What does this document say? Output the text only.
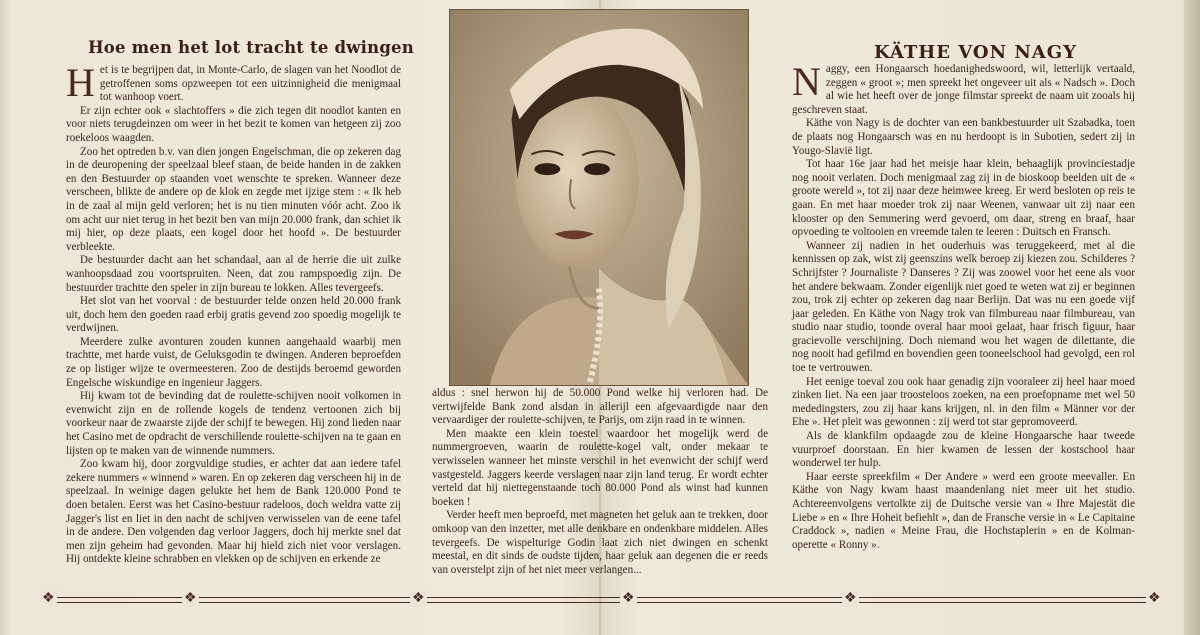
Hoe men het lot tracht te dwingen

Het is te begrijpen dat, in Monte-Carlo, de slagen van het Noodlot de getroffenen soms opzweepen tot een uitzinnigheid die menigmaal tot wanhoop voert.

Er zijn echter ook « slachtoffers » die zich tegen dit noodlot kanten en voor niets terugdeinzen om weer in het bezit te komen van hetgeen zij zoo roekeloos waagden.

Zoo het optreden b.v. van dien jongen Engelschman, die op zekeren dag in de deuropening der speelzaal bleef staan, de beide handen in de zakken en den Bestuurder op staanden voet wenschte te spreken. Wanneer deze verscheen, blikte de andere op de klok en zegde met ijzige stem : « Ik heb in de zaal al mijn geld verloren; het is nu tien minuten vóór acht. Zoo ik om acht uur niet terug in het bezit ben van mijn 20.000 frank, dan schiet ik mij hier, op deze plaats, een kogel door het hoofd ». De bestuurder verbleekte.

De bestuurder dacht aan het schandaal, aan al de herrie die uit zulke wanhoopsdaad zou voortspruiten. Neen, dat zou rampspoedig zijn. De bestuurder trachtte den speler in zijn bureau te lokken. Alles tevergeefs.

Het slot van het voorval : de bestuurder telde onzen held 20.000 frank uit, doch hem den goeden raad erbij gratis gevend zoo spoedig mogelijk te verdwijnen.

Meerdere zulke avonturen zouden kunnen aangehaald waarbij men trachtte, met harde vuist, de Geluksgodin te dwingen. Anderen beproefden ze op listiger wijze te overmeesteren. Zoo de destijds beroemd geworden Engelsche wiskundige en ingenieur Jaggers.

Hij kwam tot de bevinding dat de roulette-schijven nooit volkomen in evenwicht zijn en de rollende kogels de tendenz vertoonen zich bij voorkeur naar de zwaarste zijde der schijf te bewegen. Hij zond lieden naar het Casino met de opdracht de verschillende roulette-schijven na te gaan en lijsten op te maken van de winnende nummers.

Zoo kwam hij, door zorgvuldige studies, er achter dat aan iedere tafel zekere nummers « winnend » waren. En op zekeren dag verscheen hij in de speelzaal. In weinige dagen gelukte het hem de Bank 120.000 Pond te doen betalen. Eerst was het Casino-bestuur radeloos, doch weldra vatte zij Jagger's list en liet in den nacht de schijven verwisselen van de eene tafel in de andere. Den volgenden dag verloor Jaggers, doch hij merkte snel dat men zijn geheim had gevonden. Maar hij hield zich niet voor verslagen. Hij ontdekte kleine schrabben en vlekken op de schijven en erkende ze

aldus : snel herwon hij de 50.000 Pond welke hij verloren had. De vertwijfelde Bank zond alsdan in allerijl een afgevaardigde naar den vervaardiger der roulette-schijven, te Parijs, om zijn raad in te winnen.

Men maakte een klein toestel waardoor het mogelijk werd de nummergroeven, waarin de roulette-kogel valt, onder mekaar te verwisselen wanneer het minste verschil in het evenwicht der schijf werd vastgesteld. Jaggers keerde verslagen naar zijn land terug. Er wordt echter verteld dat hij niettegenstaande toch 80.000 Pond als winst had kunnen boeken !

Verder heeft men beproefd, met magneten het geluk aan te trekken, door omkoop van den inzetter, met alle denkbare en ondenkbare middelen. Alles tevergeefs. De wispelturige Godin laat zich niet dwingen en schenkt meestal, en dit sinds de oudste tijden, haar geluk aan degenen die er reeds van overstelpt zijn of het niet meer verlangen...

KÄTHE VON NAGY

Naggy, een Hongaarsch hoedanighedswoord, wil, letterlijk vertaald, zeggen « groot »; men spreekt het ongeveer uit als « Nadsch ». Doch al wie het heeft over de jonge filmstar spreekt de naam uit zooals hij geschreven staat.

Käthe von Nagy is de dochter van een bankbestuurder uit Szabadka, toen de plaats nog Hongaarsch was en nu herdoopt is in Subotien, sedert zij in Yougo-Slavië ligt.

Tot haar 16e jaar had het meisje haar klein, behaaglijk provinciestadje nog nooit verlaten. Doch menigmaal zag zij in de bioskoop beelden uit de « groote wereld », tot zij naar deze heimwee kreeg. Er werd besloten op reis te gaan. En met haar moeder trok zij naar Weenen, vanwaar uit zij naar een klooster op den Semmering werd gevoerd, om daar, streng en braaf, haar opvoeding te voltooien en vreemde talen te leeren : Duitsch en Fransch.

Wanneer zij nadien in het ouderhuis was teruggekeerd, met al die kennissen op zak, wist zij geenszins welk beroep zij kiezen zou. Schilderes ? Schrijfster ? Journaliste ? Danseres ? Zij was zoowel voor het eene als voor het andere bekwaam. Zonder eigenlijk niet goed te weten wat zij er beginnen zou, trok zij echter op zekeren dag naar Berlijn. Dat was nu een goede vijf jaar geleden. En Käthe von Nagy trok van filmbureau naar filmbureau, van studio naar studio, toonde overal haar mooi gelaat, haar frisch figuur, haar gracievolle verschijning. Doch niemand wou het wagen de dilettante, die nog nooit had gefilmd en bovendien geen tooneelschool had gevolgd, een rol toe te vertrouwen.

Het eenige toeval zou ook haar genadig zijn vooraleer zij heel haar moed zinken liet. Na een jaar troosteloos zoeken, na een proefopname met wel 50 mededingsters, zou zij haar kans krijgen, nl. in den film « Männer vor der Ehe ». Het pleit was gewonnen : zij werd tot star gepromoveerd.

Als de klankfilm opdaagde zou de kleine Hongaarsche haar tweede vuurproef doorstaan. En hier kwamen de lessen der kostschool haar wonderwel ter hulp.

Haar eerste spreekfilm « Der Andere » werd een groote meevaller. En Käthe von Nagy kwam haast maandenlang niet meer uit het studio. Achtereenvolgens vertolkte zij de Duitsche versie van « Ihre Majestät die Liebe » en « Ihre Hoheit befiehlt », dan de Fransche versie in « Le Capitaine Craddock », nadien « Meine Frau, die Hochstaplerin » en de Kolman-operette « Ronny ».

❖	❖	❖	❖	❖	❖
